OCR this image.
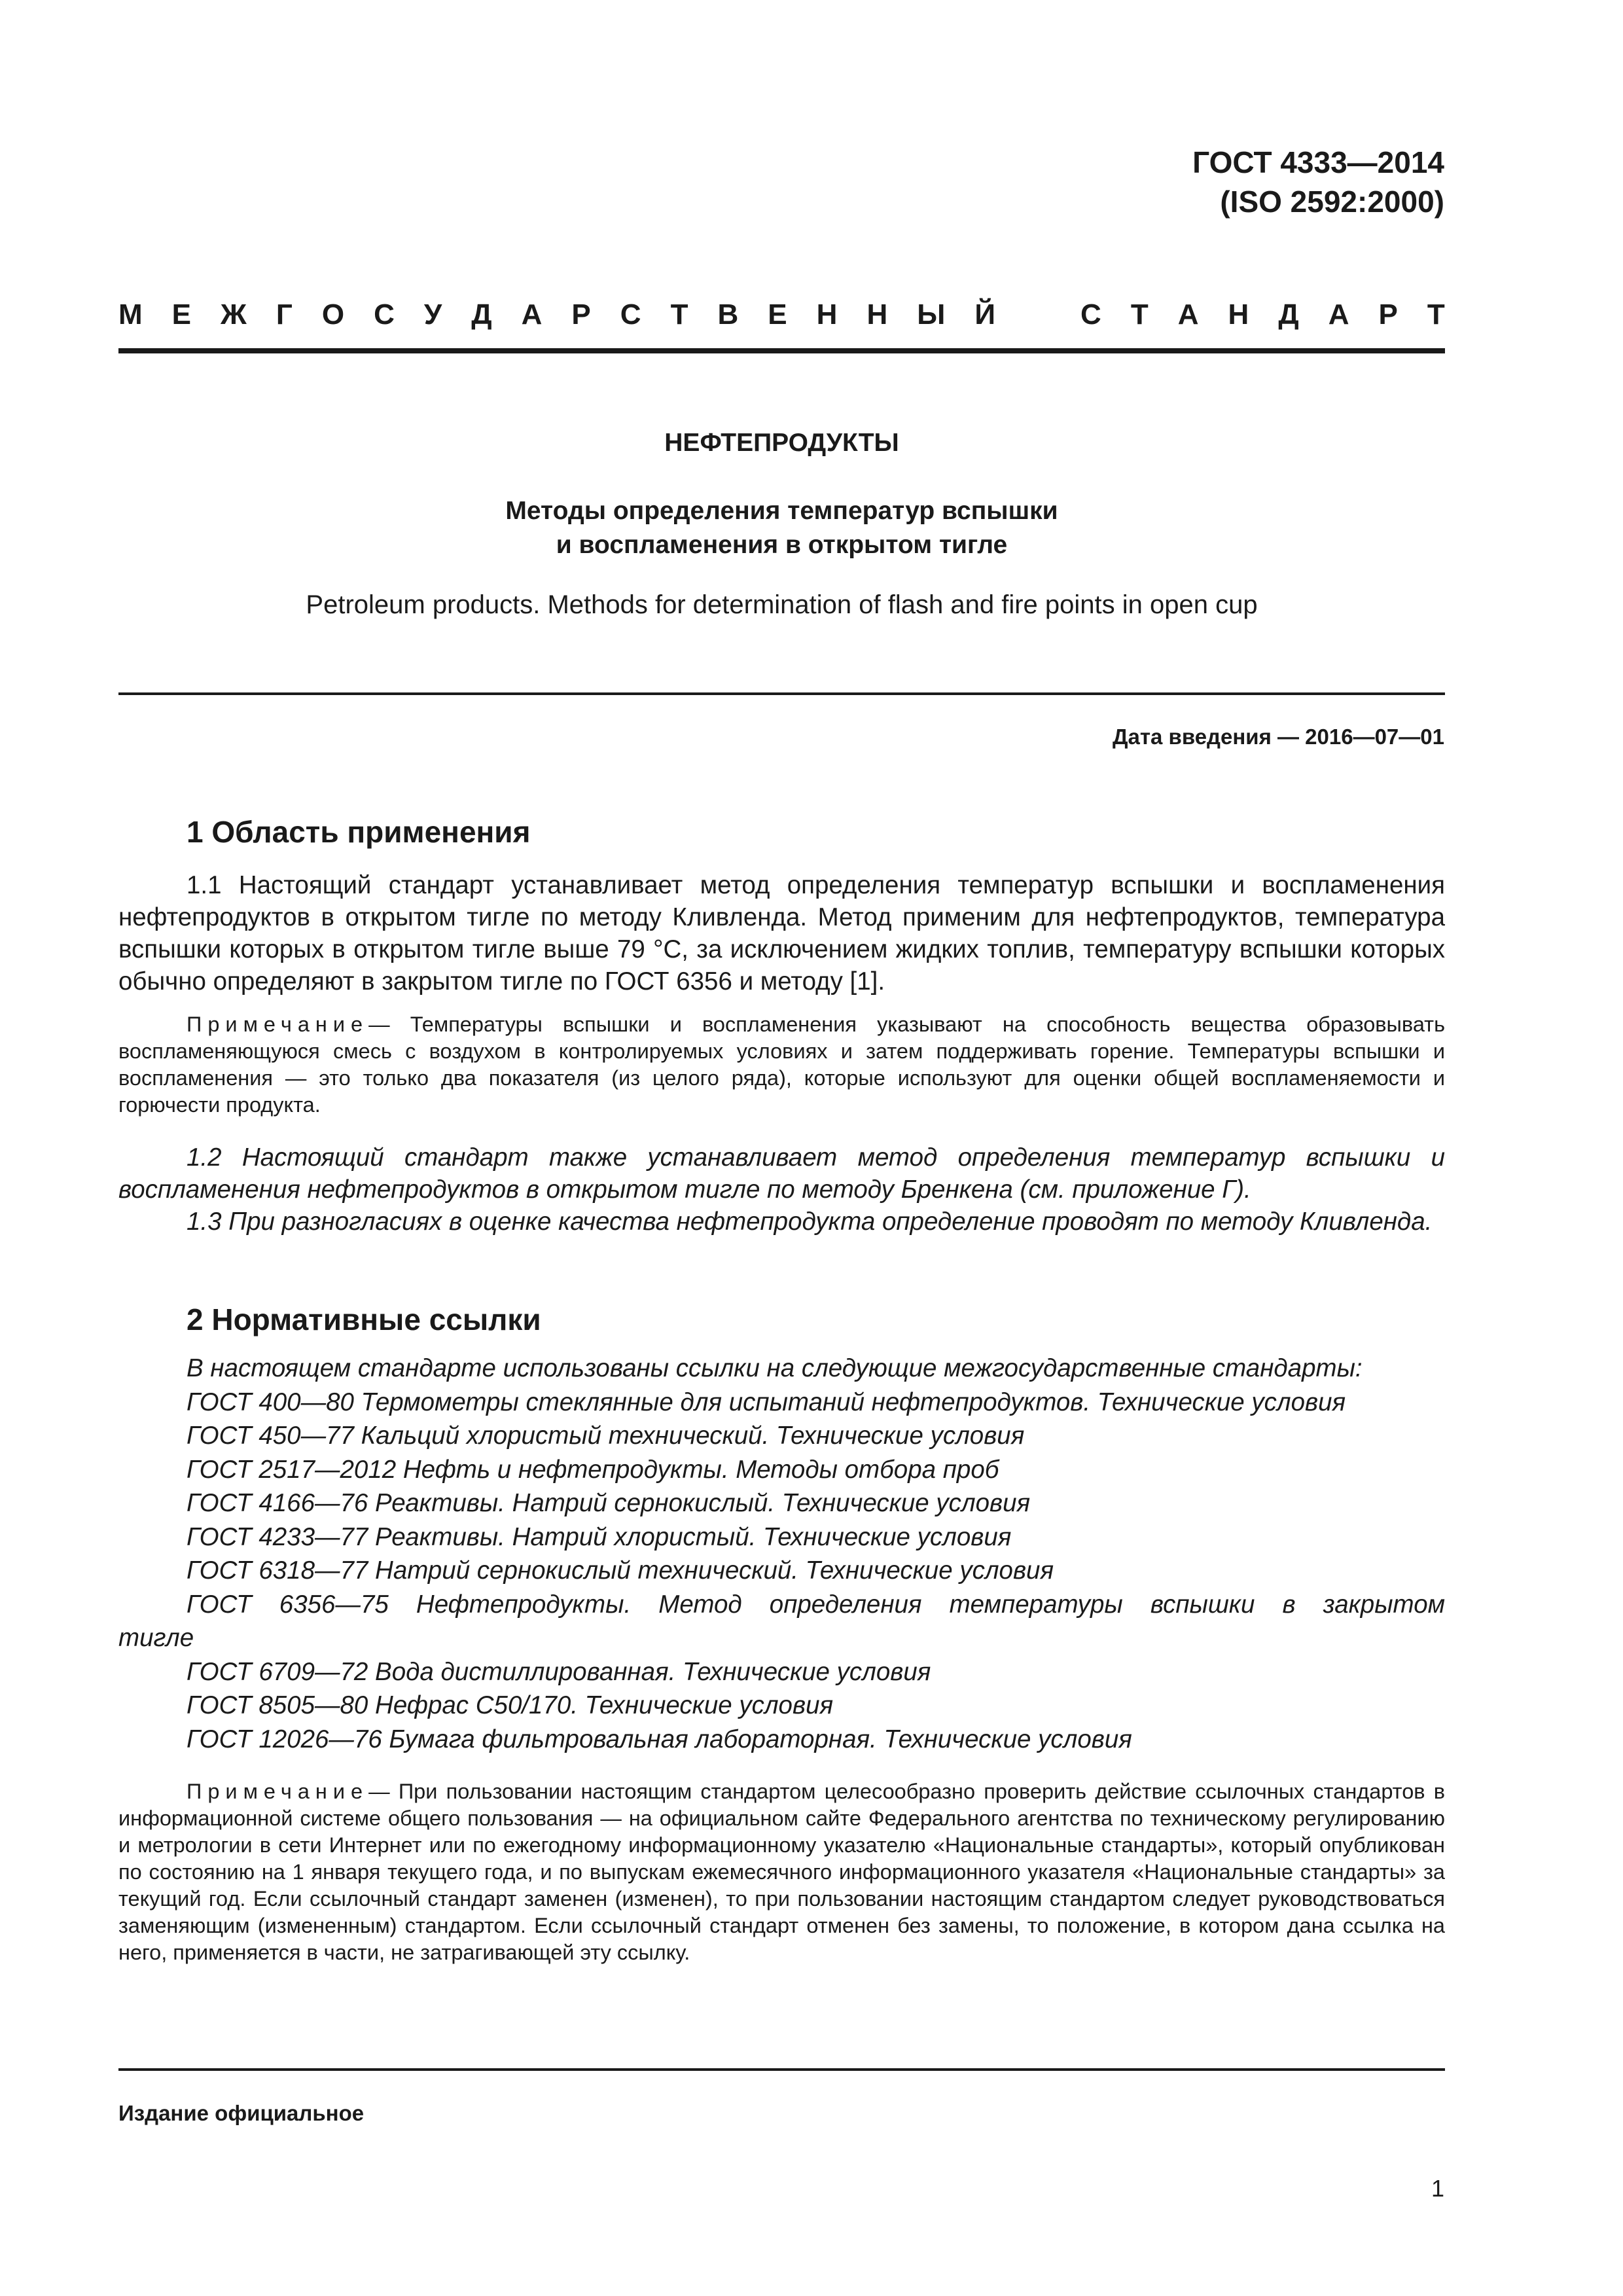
ГОСТ 4333—2014
(ISO 2592:2000)
М Е Ж Г О С У Д А Р С Т В Е Н Н Ы Й	С Т А Н Д А Р Т
НЕФТЕПРОДУКТЫ
Методы определения температур вспышки
и воспламенения в открытом тигле
Petroleum products. Methods for determination of flash and fire points in open cup
Дата введения — 2016—07—01
1 Область применения

1.1 Настоящий стандарт устанавливает метод определения температур вспышки и воспламенения нефтепродуктов в открытом тигле по методу Кливленда. Метод применим для нефтепродуктов, температура вспышки которых в открытом тигле выше 79 °С, за исключением жидких топлив, температуру вспышки которых обычно определяют в закрытом тигле по ГОСТ 6356 и методу [1].

Примечание— Температуры вспышки и воспламенения указывают на способность вещества образовывать воспламеняющуюся смесь с воздухом в контролируемых условиях и затем поддерживать горение. Температуры вспышки и воспламенения — это только два показателя (из целого ряда), которые используют для оценки общей воспламеняемости и горючести продукта.

1.2 Настоящий стандарт также устанавливает метод определения температур вспышки и воспламенения нефтепродуктов в открытом тигле по методу Бренкена (см. приложение Г).

1.3 При разногласиях в оценке качества нефтепродукта определение проводят по методу Кливленда.

2 Нормативные ссылки
В настоящем стандарте использованы ссылки на следующие межгосударственные стандарты:
ГОСТ 400—80 Термометры стеклянные для испытаний нефтепродуктов. Технические условия
ГОСТ 450—77 Кальций хлористый технический. Технические условия
ГОСТ 2517—2012 Нефть и нефтепродукты. Методы отбора проб
ГОСТ 4166—76 Реактивы. Натрий сернокислый. Технические условия
ГОСТ 4233—77 Реактивы. Натрий хлористый. Технические условия
ГОСТ 6318—77 Натрий сернокислый технический. Технические условия
ГОСТ 6356—75 Нефтепродукты. Метод определения температуры вспышки в закрытом
тигле
ГОСТ 6709—72 Вода дистиллированная. Технические условия
ГОСТ 8505—80 Нефрас С50/170. Технические условия
ГОСТ 12026—76 Бумага фильтровальная лабораторная. Технические условия

Примечание— При пользовании настоящим стандартом целесообразно проверить действие ссылочных стандартов в информационной системе общего пользования — на официальном сайте Федерального агентства по техническому регулированию и метрологии в сети Интернет или по ежегодному информационному указателю «Национальные стандарты», который опубликован по состоянию на 1 января текущего года, и по выпускам ежемесячного информационного указателя «Национальные стандарты» за текущий год. Если ссылочный стандарт заменен (изменен), то при пользовании настоящим стандартом следует руководствоваться заменяющим (измененным) стандартом. Если ссылочный стандарт отменен без замены, то положение, в котором дана ссылка на него, применяется в части, не затрагивающей эту ссылку.

Издание официальное
1
